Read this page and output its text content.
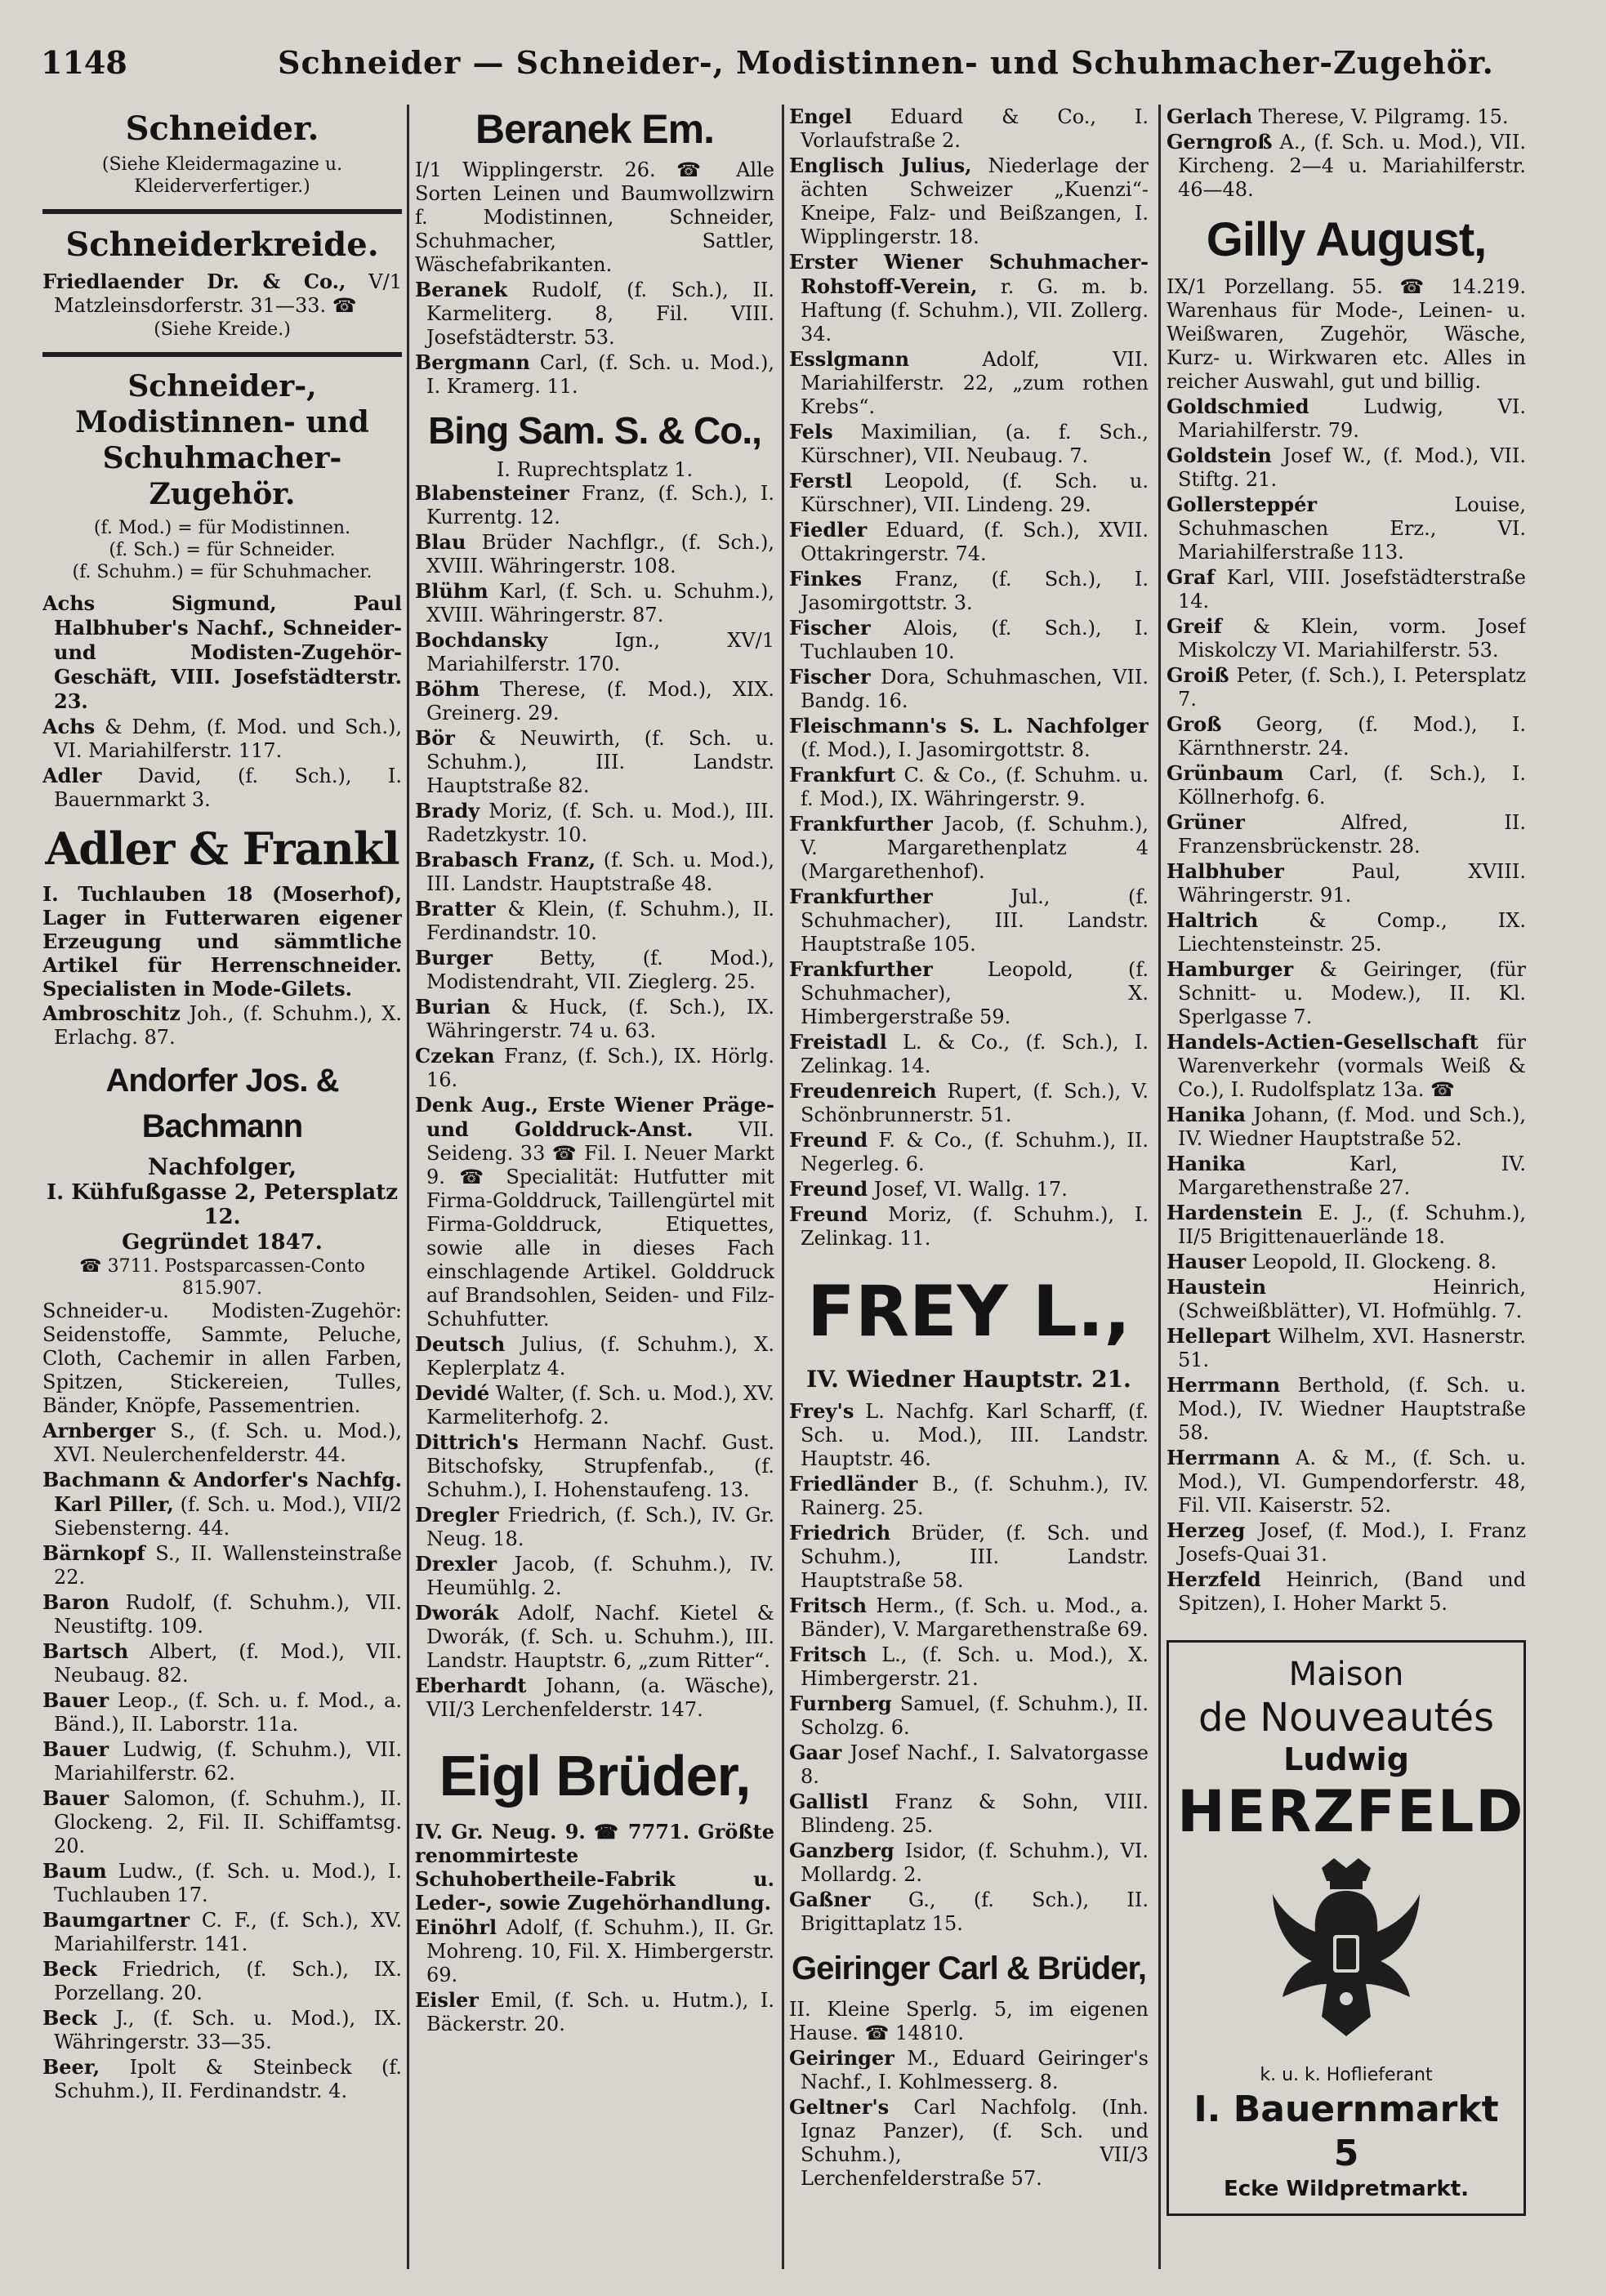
1148	Schneider — Schneider-, Modistinnen- und Schuhmacher-Zugehör.
Schneider.
(Siehe Kleidermagazine u. Kleiderverfertiger.)
Schneiderkreide.
Friedlaender Dr. & Co., V/1 Matzleinsdorferstr. 31—33. ☎
(Siehe Kreide.)
Schneider-, Modistinnen- und Schuhmacher-Zugehör.
(f. Mod.) = für Modistinnen.
(f. Sch.) = für Schneider.
(f. Schuhm.) = für Schuhmacher.
Achs Sigmund, Paul Halbhuber's Nachf., Schneider- und Modisten-Zugehör-Geschäft, VIII. Josefstädterstr. 23.
Achs & Dehm, (f. Mod. und Sch.), VI. Mariahilferstr. 117.
Adler David, (f. Sch.), I. Bauernmarkt 3.
Adler & Frankl
I. Tuchlauben 18 (Moserhof), Lager in Futterwaren eigener Erzeugung und sämmtliche Artikel für Herrenschneider. Specialisten in Mode-Gilets.
Ambroschitz Joh., (f. Schuhm.), X. Erlachg. 87.
Andorfer Jos. & Bachmann
Nachfolger,
I. Kühfußgasse 2, Petersplatz 12.
Gegründet 1847.
☎ 3711. Postsparcassen-Conto 815.907.
Schneider-u. Modisten-Zugehör: Seidenstoffe, Sammte, Peluche, Cloth, Cachemir in allen Farben, Spitzen, Stickereien, Tulles, Bänder, Knöpfe, Passementrien.
Arnberger S., (f. Sch. u. Mod.), XVI. Neulerchenfelderstr. 44.
Bachmann & Andorfer's Nachfg. Karl Piller, (f. Sch. u. Mod.), VII/2 Siebensterng. 44.
Bärnkopf S., II. Wallensteinstraße 22.
Baron Rudolf, (f. Schuhm.), VII. Neustiftg. 109.
Bartsch Albert, (f. Mod.), VII. Neubaug. 82.
Bauer Leop., (f. Sch. u. f. Mod., a. Bänd.), II. Laborstr. 11a.
Bauer Ludwig, (f. Schuhm.), VII. Mariahilferstr. 62.
Bauer Salomon, (f. Schuhm.), II. Glockeng. 2, Fil. II. Schiffamtsg. 20.
Baum Ludw., (f. Sch. u. Mod.), I. Tuchlauben 17.
Baumgartner C. F., (f. Sch.), XV. Mariahilferstr. 141.
Beck Friedrich, (f. Sch.), IX. Porzellang. 20.
Beck J., (f. Sch. u. Mod.), IX. Währingerstr. 33—35.
Beer, Ipolt & Steinbeck (f. Schuhm.), II. Ferdinandstr. 4.
Beranek Em.
I/1 Wipplingerstr. 26. ☎ Alle Sorten Leinen und Baumwollzwirn f. Modistinnen, Schneider, Schuhmacher, Sattler, Wäschefabrikanten.
Beranek Rudolf, (f. Sch.), II. Karmeliterg. 8, Fil. VIII. Josefstädterstr. 53.
Bergmann Carl, (f. Sch. u. Mod.), I. Kramerg. 11.
Bing Sam. S. & Co.,
I. Ruprechtsplatz 1.
Blabensteiner Franz, (f. Sch.), I. Kurrentg. 12.
Blau Brüder Nachflgr., (f. Sch.), XVIII. Währingerstr. 108.
Blühm Karl, (f. Sch. u. Schuhm.), XVIII. Währingerstr. 87.
Bochdansky Ign., XV/1 Mariahilferstr. 170.
Böhm Therese, (f. Mod.), XIX. Greinerg. 29.
Bör & Neuwirth, (f. Sch. u. Schuhm.), III. Landstr. Hauptstraße 82.
Brady Moriz, (f. Sch. u. Mod.), III. Radetzkystr. 10.
Brabasch Franz, (f. Sch. u. Mod.), III. Landstr. Hauptstraße 48.
Bratter & Klein, (f. Schuhm.), II. Ferdinandstr. 10.
Burger Betty, (f. Mod.), Modistendraht, VII. Zieglerg. 25.
Burian & Huck, (f. Sch.), IX. Währingerstr. 74 u. 63.
Czekan Franz, (f. Sch.), IX. Hörlg. 16.
Denk Aug., Erste Wiener Präge- und Golddruck-Anst. VII. Seideng. 33 ☎ Fil. I. Neuer Markt 9. ☎ Specialität: Hutfutter mit Firma-Golddruck, Taillengürtel mit Firma-Golddruck, Etiquettes, sowie alle in dieses Fach einschlagende Artikel. Golddruck auf Brandsohlen, Seiden- und Filz-Schuhfutter.
Deutsch Julius, (f. Schuhm.), X. Keplerplatz 4.
Devidé Walter, (f. Sch. u. Mod.), XV. Karmeliterhofg. 2.
Dittrich's Hermann Nachf. Gust. Bitschofsky, Strupfenfab., (f. Schuhm.), I. Hohenstaufeng. 13.
Dregler Friedrich, (f. Sch.), IV. Gr. Neug. 18.
Drexler Jacob, (f. Schuhm.), IV. Heumühlg. 2.
Dworák Adolf, Nachf. Kietel & Dworák, (f. Sch. u. Schuhm.), III. Landstr. Hauptstr. 6, „zum Ritter“.
Eberhardt Johann, (a. Wäsche), VII/3 Lerchenfelderstr. 147.
Eigl Brüder,
IV. Gr. Neug. 9. ☎ 7771. Größte renommirteste Schuhobertheile-Fabrik u. Leder-, sowie Zugehörhandlung.
Einöhrl Adolf, (f. Schuhm.), II. Gr. Mohreng. 10, Fil. X. Himbergerstr. 69.
Eisler Emil, (f. Sch. u. Hutm.), I. Bäckerstr. 20.
Engel Eduard & Co., I. Vorlaufstraße 2.
Englisch Julius, Niederlage der ächten Schweizer „Kuenzi“-Kneipe, Falz- und Beißzangen, I. Wipplingerstr. 18.
Erster Wiener Schuhmacher-Rohstoff-Verein, r. G. m. b. Haftung (f. Schuhm.), VII. Zollerg. 34.
Esslgmann Adolf, VII. Mariahilferstr. 22, „zum rothen Krebs“.
Fels Maximilian, (a. f. Sch., Kürschner), VII. Neubaug. 7.
Ferstl Leopold, (f. Sch. u. Kürschner), VII. Lindeng. 29.
Fiedler Eduard, (f. Sch.), XVII. Ottakringerstr. 74.
Finkes Franz, (f. Sch.), I. Jasomirgottstr. 3.
Fischer Alois, (f. Sch.), I. Tuchlauben 10.
Fischer Dora, Schuhmaschen, VII. Bandg. 16.
Fleischmann's S. L. Nachfolger (f. Mod.), I. Jasomirgottstr. 8.
Frankfurt C. & Co., (f. Schuhm. u. f. Mod.), IX. Währingerstr. 9.
Frankfurther Jacob, (f. Schuhm.), V. Margarethenplatz 4 (Margarethenhof).
Frankfurther Jul., (f. Schuhmacher), III. Landstr. Hauptstraße 105.
Frankfurther Leopold, (f. Schuhmacher), X. Himbergerstraße 59.
Freistadl L. & Co., (f. Sch.), I. Zelinkag. 14.
Freudenreich Rupert, (f. Sch.), V. Schönbrunnerstr. 51.
Freund F. & Co., (f. Schuhm.), II. Negerleg. 6.
Freund Josef, VI. Wallg. 17.
Freund Moriz, (f. Schuhm.), I. Zelinkag. 11.
FREY L.,
IV. Wiedner Hauptstr. 21.
Frey's L. Nachfg. Karl Scharff, (f. Sch. u. Mod.), III. Landstr. Hauptstr. 46.
Friedländer B., (f. Schuhm.), IV. Rainerg. 25.
Friedrich Brüder, (f. Sch. und Schuhm.), III. Landstr. Hauptstraße 58.
Fritsch Herm., (f. Sch. u. Mod., a. Bänder), V. Margarethenstraße 69.
Fritsch L., (f. Sch. u. Mod.), X. Himbergerstr. 21.
Furnberg Samuel, (f. Schuhm.), II. Scholzg. 6.
Gaar Josef Nachf., I. Salvatorgasse 8.
Gallistl Franz & Sohn, VIII. Blindeng. 25.
Ganzberg Isidor, (f. Schuhm.), VI. Mollardg. 2.
Gaßner G., (f. Sch.), II. Brigittaplatz 15.
Geiringer Carl & Brüder,
II. Kleine Sperlg. 5, im eigenen Hause. ☎ 14810.
Geiringer M., Eduard Geiringer's Nachf., I. Kohlmesserg. 8.
Geltner's Carl Nachfolg. (Inh. Ignaz Panzer), (f. Sch. und Schuhm.), VII/3 Lerchenfelderstraße 57.
Gerlach Therese, V. Pilgramg. 15.
Gerngroß A., (f. Sch. u. Mod.), VII. Kircheng. 2—4 u. Mariahilferstr. 46—48.
Gilly August,
IX/1 Porzellang. 55. ☎ 14.219. Warenhaus für Mode-, Leinen- u. Weißwaren, Zugehör, Wäsche, Kurz- u. Wirkwaren etc. Alles in reicher Auswahl, gut und billig.
Goldschmied Ludwig, VI. Mariahilferstr. 79.
Goldstein Josef W., (f. Mod.), VII. Stiftg. 21.
Gollersteppér Louise, Schuhmaschen Erz., VI. Mariahilferstraße 113.
Graf Karl, VIII. Josefstädterstraße 14.
Greif & Klein, vorm. Josef Miskolczy VI. Mariahilferstr. 53.
Groiß Peter, (f. Sch.), I. Petersplatz 7.
Groß Georg, (f. Mod.), I. Kärnthnerstr. 24.
Grünbaum Carl, (f. Sch.), I. Köllnerhofg. 6.
Grüner Alfred, II. Franzensbrückenstr. 28.
Halbhuber Paul, XVIII. Währingerstr. 91.
Haltrich & Comp., IX. Liechtensteinstr. 25.
Hamburger & Geiringer, (für Schnitt- u. Modew.), II. Kl. Sperlgasse 7.
Handels-Actien-Gesellschaft für Warenverkehr (vormals Weiß & Co.), I. Rudolfsplatz 13a. ☎
Hanika Johann, (f. Mod. und Sch.), IV. Wiedner Hauptstraße 52.
Hanika Karl, IV. Margarethenstraße 27.
Hardenstein E. J., (f. Schuhm.), II/5 Brigittenauerlände 18.
Hauser Leopold, II. Glockeng. 8.
Haustein Heinrich, (Schweißblätter), VI. Hofmühlg. 7.
Hellepart Wilhelm, XVI. Hasnerstr. 51.
Herrmann Berthold, (f. Sch. u. Mod.), IV. Wiedner Hauptstraße 58.
Herrmann A. & M., (f. Sch. u. Mod.), VI. Gumpendorferstr. 48, Fil. VII. Kaiserstr. 52.
Herzeg Josef, (f. Mod.), I. Franz Josefs-Quai 31.
Herzfeld Heinrich, (Band und Spitzen), I. Hoher Markt 5.
Maison
de Nouveautés
Ludwig
HERZFELD
k. u. k. Hoflieferant
I. Bauernmarkt 5
Ecke Wildpretmarkt.
